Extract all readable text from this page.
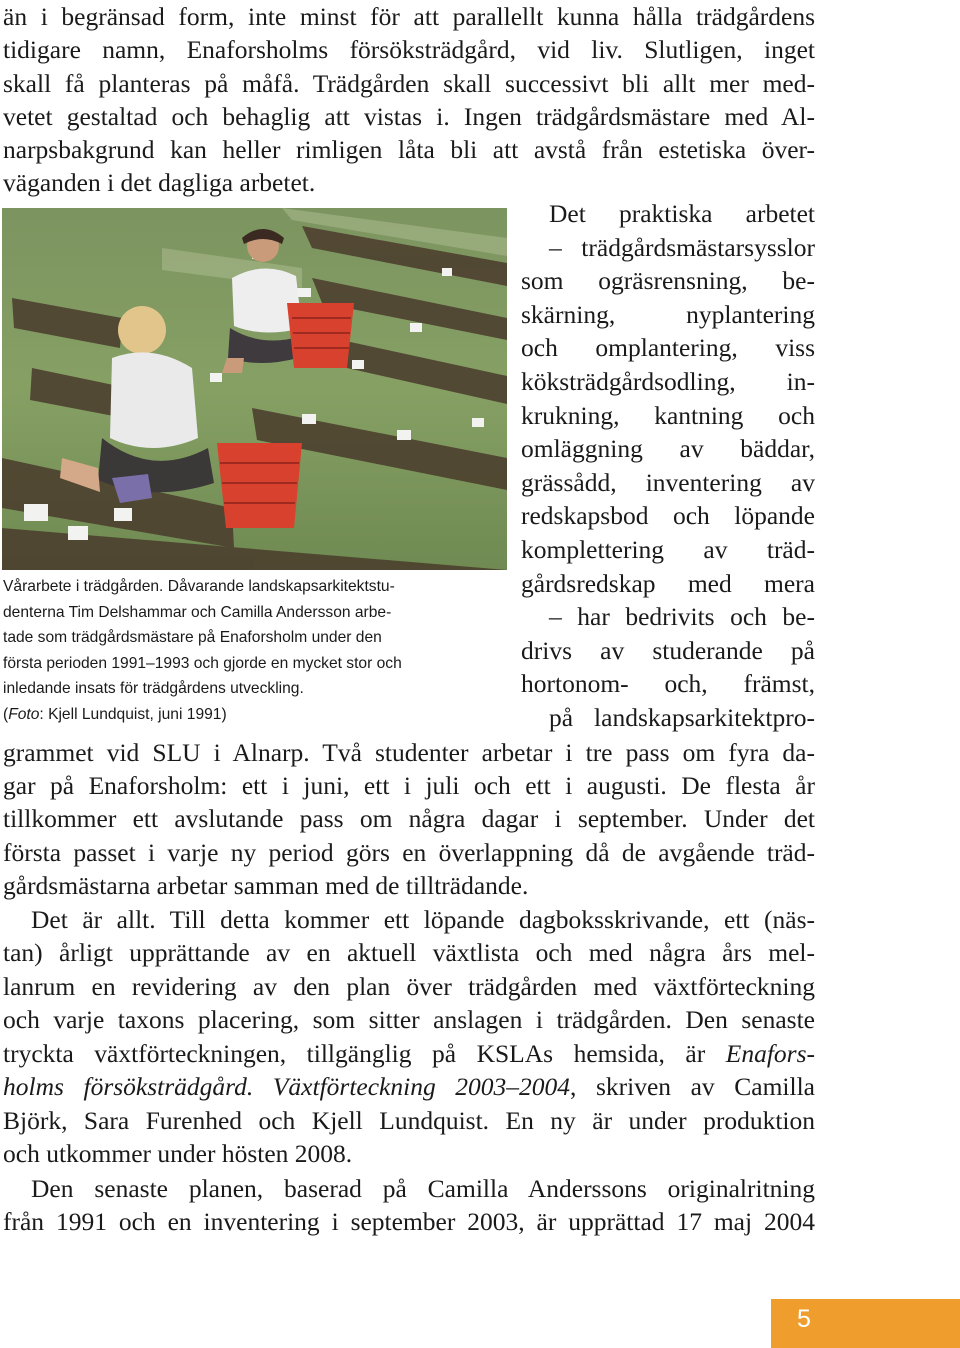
än i begränsad form, inte minst för att parallellt kunna hålla trädgårdens

tidigare namn, Enaforsholms försöksträdgård, vid liv. Slutligen, inget

skall få planteras på måfå. Trädgården skall successivt bli allt mer med-

vetet gestaltad och behaglig att vistas i. Ingen trädgårdsmästare med Al-

narpsbakgrund kan heller rimligen låta bli att avstå från estetiska över-

väganden i det dagliga arbetet.

Vårarbete i trädgården. Dåvarande landskapsarkitektstu-
denterna Tim Delshammar och Camilla Andersson arbe-
tade som trädgårdsmästare på Enaforsholm under den
första perioden 1991–1993 och gjorde en mycket stor och
inledande insats för trädgårdens utveckling.
(Foto: Kjell Lundquist, juni 1991)

Det praktiska arbetet
– trädgårdsmästarsysslor
som ogräsrensning, be-
skärning, nyplantering
och omplantering, viss
köksträdgårdsodling, in-
krukning, kantning och
omläggning av bäddar,
grässådd, inventering av
redskapsbod och löpande
komplettering av träd-
gårdsredskap med mera
– har bedrivits och be-
drivs av studerande på
hortonom- och, främst,
på landskapsarkitektpro-

grammet vid SLU i Alnarp. Två studenter arbetar i tre pass om fyra da-

gar på Enaforsholm: ett i juni, ett i juli och ett i augusti. De flesta år

tillkommer ett avslutande pass om några dagar i september. Under det

första passet i varje ny period görs en överlappning då de avgående träd-

gårdsmästarna arbetar samman med de tillträdande.

Det är allt. Till detta kommer ett löpande dagboksskrivande, ett (näs-

tan) årligt upprättande av en aktuell växtlista och med några års mel-

lanrum en revidering av den plan över trädgården med växtförteckning

och varje taxons placering, som sitter anslagen i trädgården. Den senaste

tryckta växtförteckningen, tillgänglig på KSLAs hemsida, är Enafors-

holms försöksträdgård. Växtförteckning 2003–2004, skriven av Camilla

Björk, Sara Furenhed och Kjell Lundquist. En ny är under produktion

och utkommer under hösten 2008.

Den senaste planen, baserad på Camilla Anderssons originalritning

från 1991 och en inventering i september 2003, är upprättad 17 maj 2004

5
